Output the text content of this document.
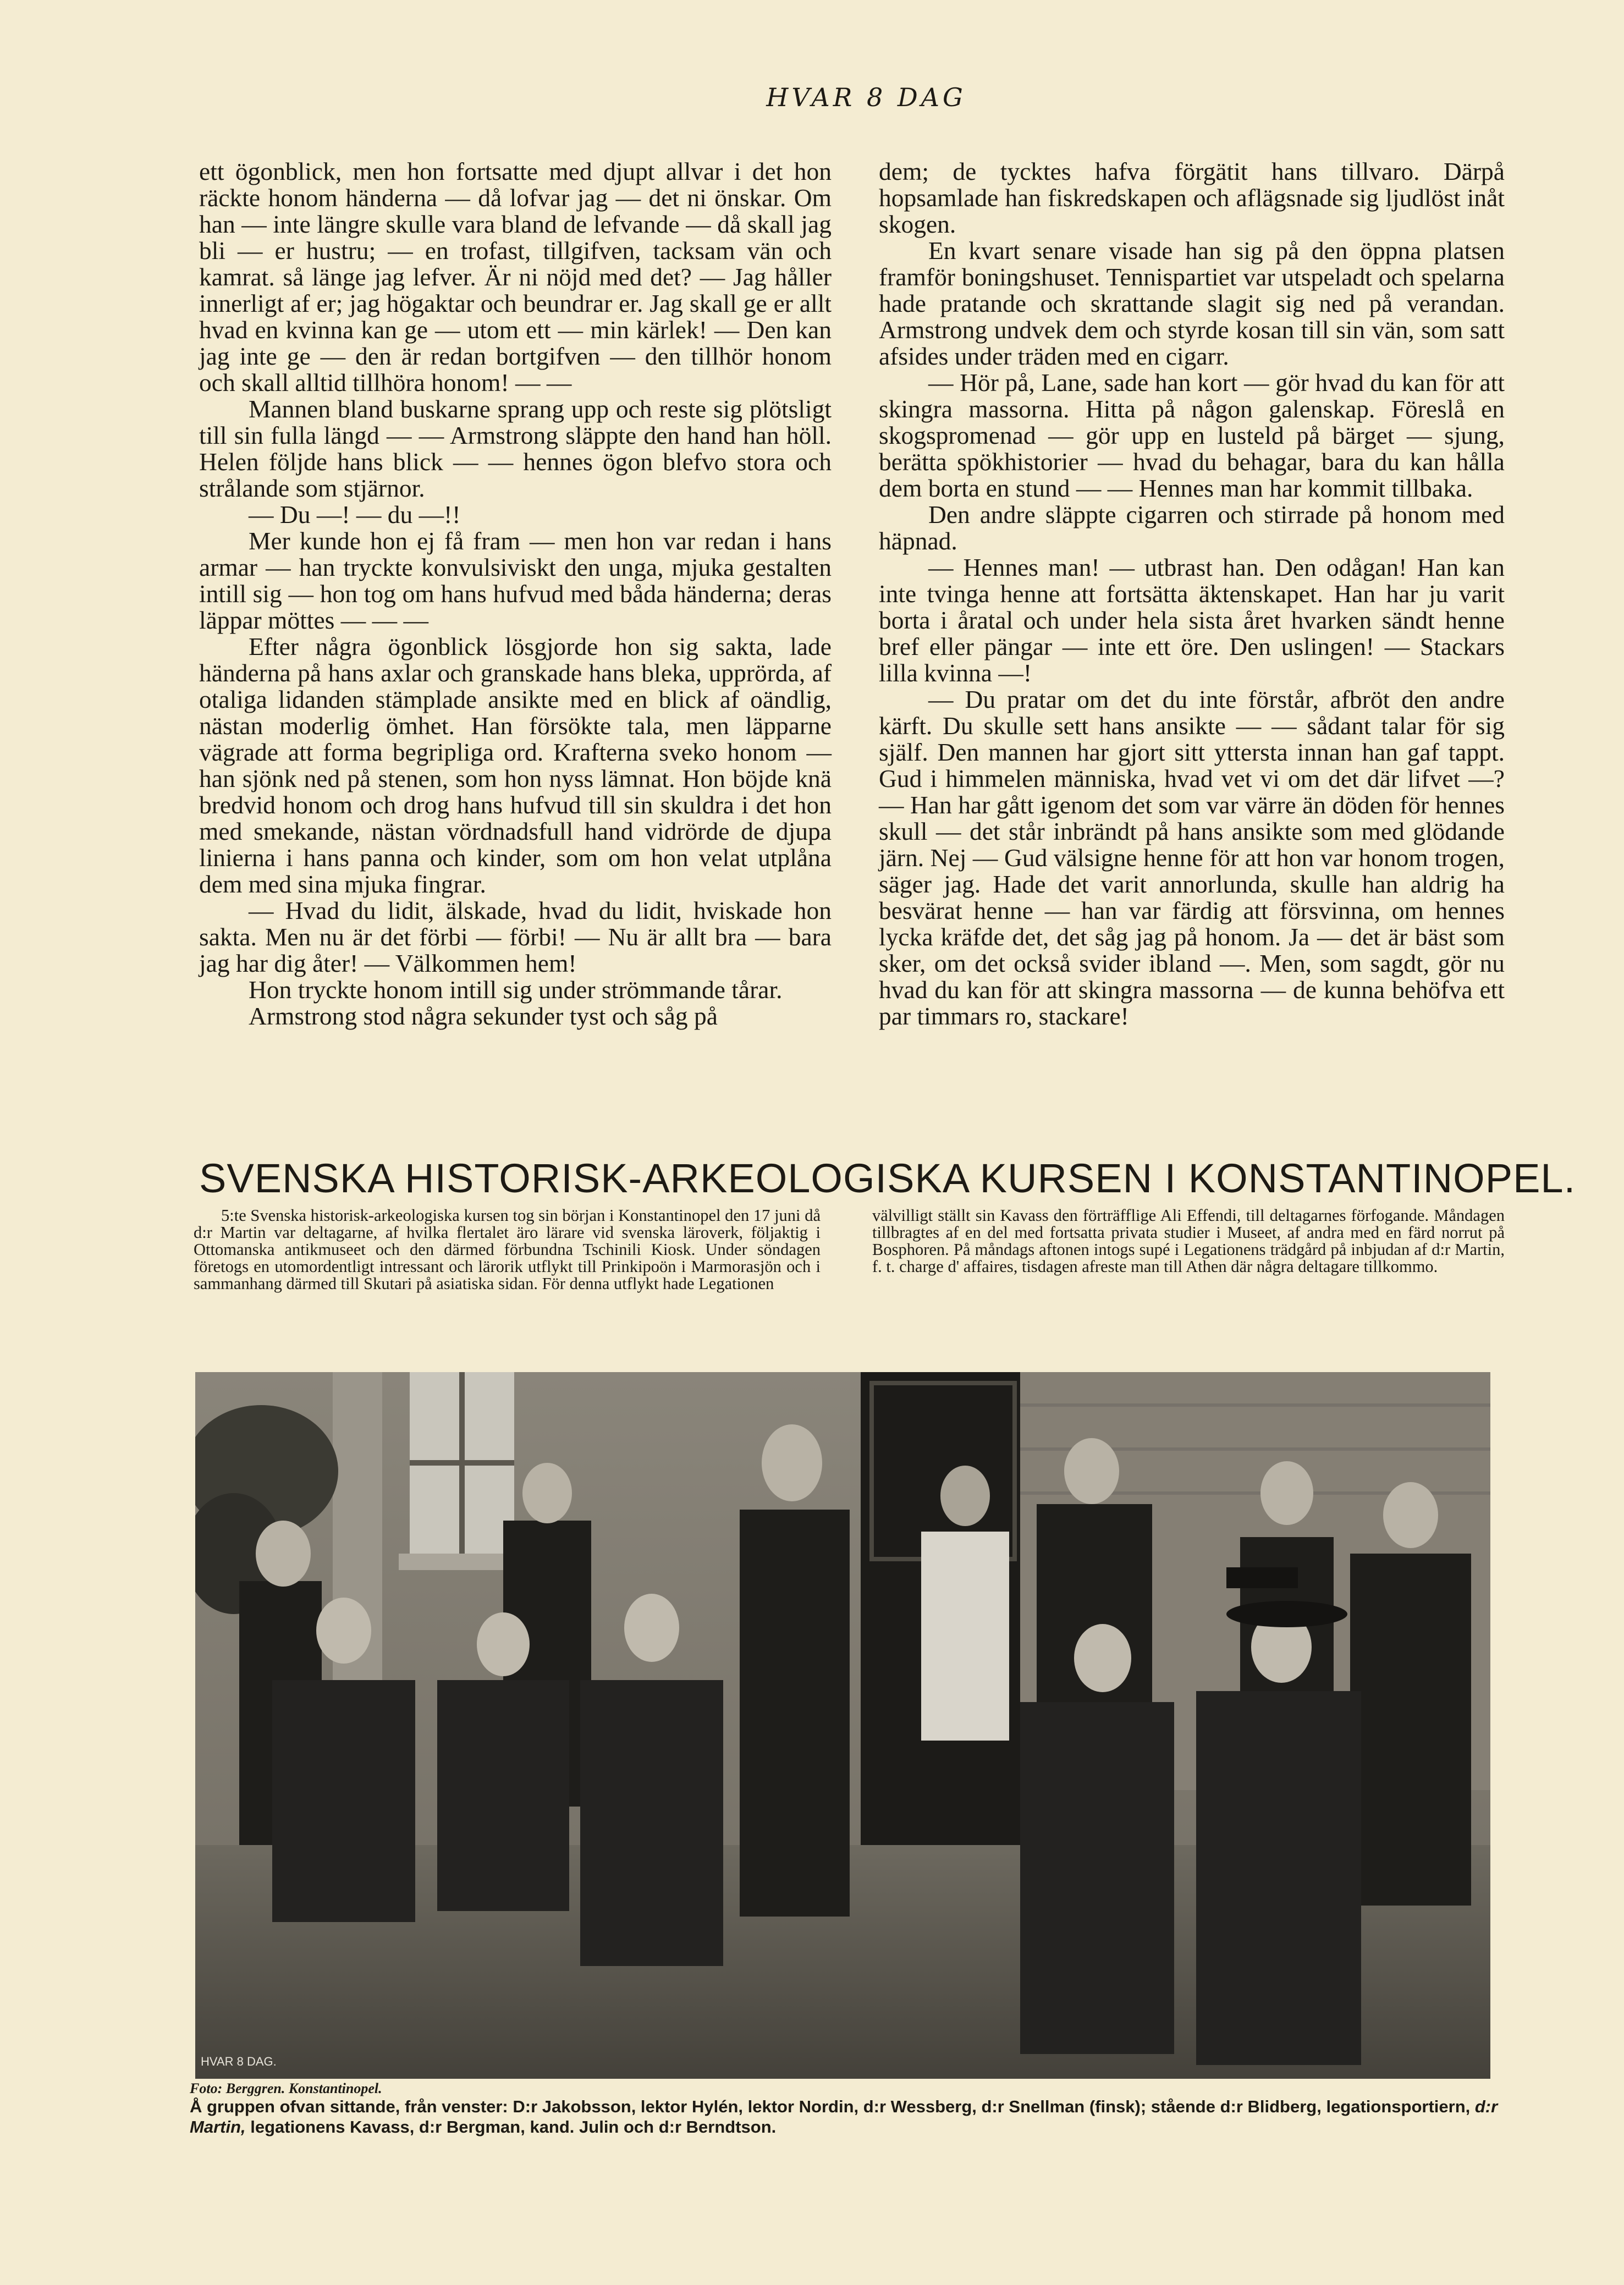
HVAR 8 DAG

ett ögonblick, men hon fortsatte med djupt allvar i det hon räckte honom händerna — då lofvar jag — det ni önskar. Om han — inte längre skulle vara bland de lefvande — då skall jag bli — er hustru; — en trofast, tillgifven, tacksam vän och kamrat. så länge jag lefver. Är ni nöjd med det? — Jag håller innerligt af er; jag högaktar och beundrar er. Jag skall ge er allt hvad en kvinna kan ge — utom ett — min kärlek! — Den kan jag inte ge — den är redan bortgifven — den tillhör honom och skall alltid tillhöra honom! — —

Mannen bland buskarne sprang upp och reste sig plötsligt till sin fulla längd — — Armstrong släppte den hand han höll. Helen följde hans blick — — hennes ögon blefvo stora och strålande som stjärnor.

— Du —! — du —!!

Mer kunde hon ej få fram — men hon var redan i hans armar — han tryckte konvulsiviskt den unga, mjuka gestalten intill sig — hon tog om hans hufvud med båda händerna; deras läppar möttes — — —

Efter några ögonblick lösgjorde hon sig sakta, lade händerna på hans axlar och granskade hans bleka, upprörda, af otaliga lidanden stämplade ansikte med en blick af oändlig, nästan moderlig ömhet. Han försökte tala, men läpparne vägrade att forma begripliga ord. Krafterna sveko honom — han sjönk ned på stenen, som hon nyss lämnat. Hon böjde knä bredvid honom och drog hans hufvud till sin skuldra i det hon med smekande, nästan vördnadsfull hand vidrörde de djupa linierna i hans panna och kinder, som om hon velat utplåna dem med sina mjuka fingrar.

— Hvad du lidit, älskade, hvad du lidit, hviskade hon sakta. Men nu är det förbi — förbi! — Nu är allt bra — bara jag har dig åter! — Välkommen hem!

Hon tryckte honom intill sig under strömmande tårar.

Armstrong stod några sekunder tyst och såg på

dem; de tycktes hafva förgätit hans tillvaro. Därpå hopsamlade han fiskredskapen och aflägsnade sig ljudlöst inåt skogen.

En kvart senare visade han sig på den öppna platsen framför boningshuset. Tennispartiet var utspeladt och spelarna hade pratande och skrattande slagit sig ned på verandan. Armstrong undvek dem och styrde kosan till sin vän, som satt afsides under träden med en cigarr.

— Hör på, Lane, sade han kort — gör hvad du kan för att skingra massorna. Hitta på någon galenskap. Föreslå en skogspromenad — gör upp en lusteld på bärget — sjung, berätta spökhistorier — hvad du behagar, bara du kan hålla dem borta en stund — — Hennes man har kommit tillbaka.

Den andre släppte cigarren och stirrade på honom med häpnad.

— Hennes man! — utbrast han. Den odågan! Han kan inte tvinga henne att fortsätta äktenskapet. Han har ju varit borta i åratal och under hela sista året hvarken sändt henne bref eller pängar — inte ett öre. Den uslingen! — Stackars lilla kvinna —!

— Du pratar om det du inte förstår, afbröt den andre kärft. Du skulle sett hans ansikte — — sådant talar för sig själf. Den mannen har gjort sitt yttersta innan han gaf tappt. Gud i himmelen människa, hvad vet vi om det där lifvet —?— Han har gått igenom det som var värre än döden för hennes skull — det står inbrändt på hans ansikte som med glödande järn. Nej — Gud välsigne henne för att hon var honom trogen, säger jag. Hade det varit annorlunda, skulle han aldrig ha besvärat henne — han var färdig att försvinna, om hennes lycka kräfde det, det såg jag på honom. Ja — det är bäst som sker, om det också svider ibland —. Men, som sagdt, gör nu hvad du kan för att skingra massorna — de kunna behöfva ett par timmars ro, stackare!

SVENSKA HISTORISK-ARKEOLOGISKA KURSEN I KONSTANTINOPEL.

5:te Svenska historisk-arkeologiska kursen tog sin början i Konstantinopel den 17 juni då d:r Martin var deltagarne, af hvilka flertalet äro lärare vid svenska läroverk, följaktig i Ottomanska antikmuseet och den därmed förbundna Tschinili Kiosk. Under söndagen företogs en utomordentligt intressant och lärorik utflykt till Prinkipoön i Marmorasjön och i sammanhang därmed till Skutari på asiatiska sidan. För denna utflykt hade Legationen

välvilligt ställt sin Kavass den förträfflige Ali Effendi, till deltagarnes förfogande. Måndagen tillbragtes af en del med fortsatta privata studier i Museet, af andra med en färd norrut på Bosphoren. På måndags aftonen intogs supé i Legationens trädgård på inbjudan af d:r Martin, f. t. charge d' affaires, tisdagen afreste man till Athen där några deltagare tillkommo.

HVAR 8 DAG.
Foto: Berggren. Konstantinopel.
Å gruppen ofvan sittande, från venster: D:r Jakobsson, lektor Hylén, lektor Nordin, d:r Wessberg, d:r Snellman (finsk); stående d:r Blidberg, legationsportiern, d:r Martin, legationens Kavass, d:r Bergman, kand. Julin och d:r Berndtson.
